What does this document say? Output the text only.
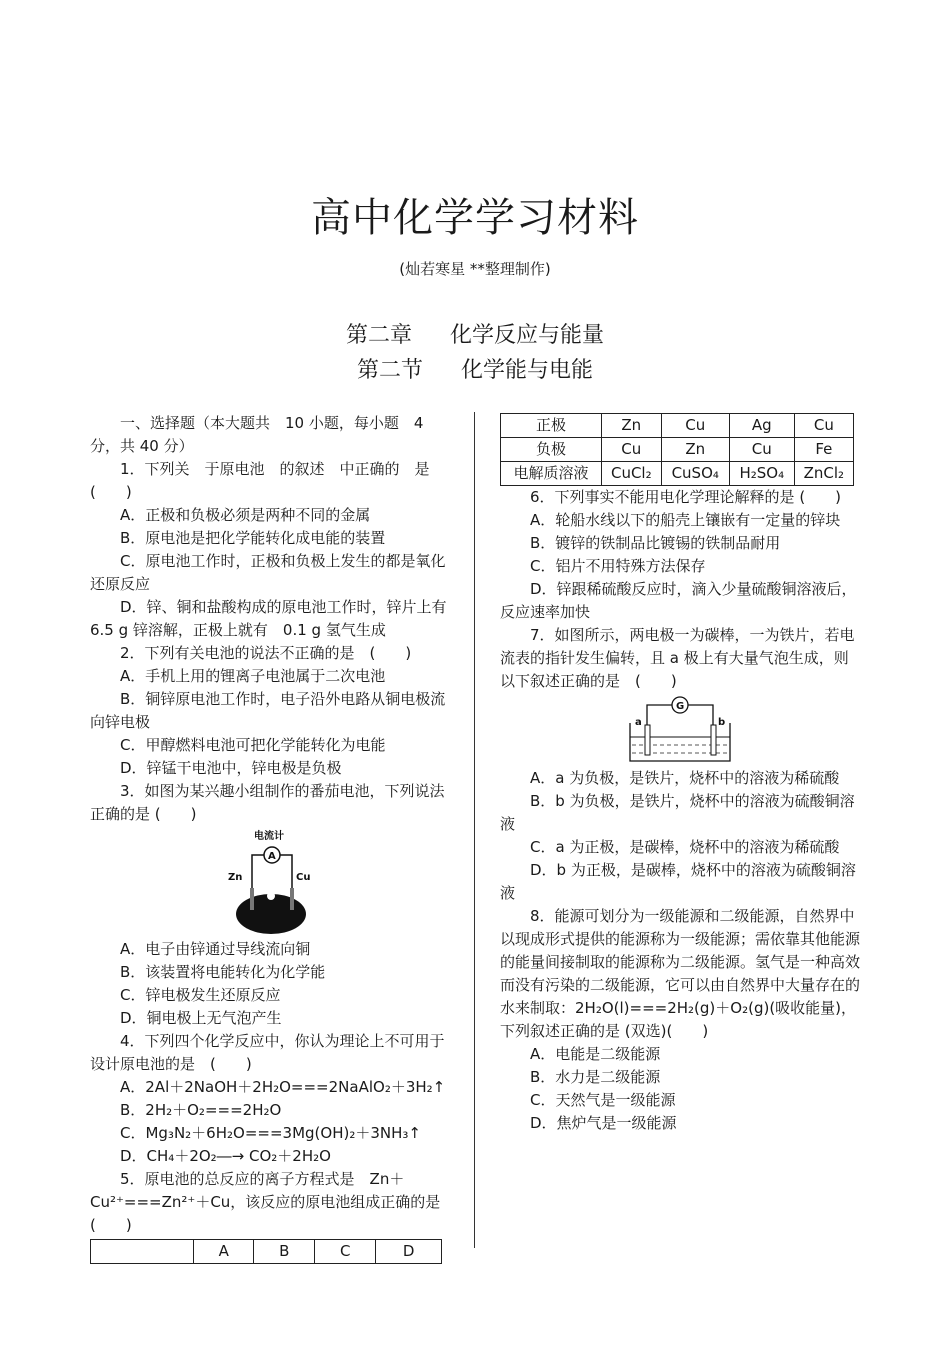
高中化学学习材料
(灿若寒星 **整理制作)
第二章 化学反应与能量
第二节 化学能与电能

一、选择题（本大题共　10 小题，每小题　4 分，共 40 分）

1．下列关　于原电池　的叙述　中正确的　是 (　　)

A．正极和负极必须是两种不同的金属

B．原电池是把化学能转化成电能的装置

C．原电池工作时，正极和负极上发生的都是氧化还原反应

D．锌、铜和盐酸构成的原电池工作时，锌片上有 6.5 g 锌溶解，正极上就有　0.1 g 氢气生成

2．下列有关电池的说法不正确的是　(　　)

A．手机上用的锂离子电池属于二次电池

B．铜锌原电池工作时，电子沿外电路从铜电极流向锌电极

C．甲醇燃料电池可把化学能转化为电能

D．锌锰干电池中，锌电极是负极

3．如图为某兴趣小组制作的番茄电池，下列说法正确的是 (　　)

电流计
A
Zn	Cu

A．电子由锌通过导线流向铜

B．该装置将电能转化为化学能

C．锌电极发生还原反应

D．铜电极上无气泡产生

4．下列四个化学反应中，你认为理论上不可用于设计原电池的是　(　　)

A．2Al＋2NaOH＋2H₂O===2NaAlO₂＋3H₂↑

B．2H₂＋O₂===2H₂O

C．Mg₃N₂＋6H₂O===3Mg(OH)₂＋3NH₃↑

D．CH₄＋2O₂―→ CO₂＋2H₂O

5．原电池的总反应的离子方程式是　Zn＋Cu²⁺===Zn²⁺＋Cu，该反应的原电池组成正确的是(　　)

	A	B	C	D
正极	Zn	Cu	Ag	Cu
负极	Cu	Zn	Cu	Fe
电解质溶液	CuCl₂	CuSO₄	H₂SO₄	ZnCl₂

6．下列事实不能用电化学理论解释的是 (　　)

A．轮船水线以下的船壳上镶嵌有一定量的锌块

B．镀锌的铁制品比镀锡的铁制品耐用

C．铝片不用特殊方法保存

D．锌跟稀硫酸反应时，滴入少量硫酸铜溶液后，反应速率加快

7．如图所示，两电极一为碳棒，一为铁片，若电流表的指针发生偏转，且 a 极上有大量气泡生成，则以下叙述正确的是　(　　)

G
a	b

A．a 为负极，是铁片，烧杯中的溶液为稀硫酸

B．b 为负极，是铁片，烧杯中的溶液为硫酸铜溶液

C．a 为正极，是碳棒，烧杯中的溶液为稀硫酸

D．b 为正极，是碳棒，烧杯中的溶液为硫酸铜溶液

8．能源可划分为一级能源和二级能源，自然界中以现成形式提供的能源称为一级能源；需依靠其他能源的能量间接制取的能源称为二级能源。氢气是一种高效而没有污染的二级能源，它可以由自然界中大量存在的水来制取：2H₂O(l)===2H₂(g)＋O₂(g)(吸收能量)，下列叙述正确的是 (双选)(　　)

A．电能是二级能源

B．水力是二级能源

C．天然气是一级能源

D．焦炉气是一级能源
